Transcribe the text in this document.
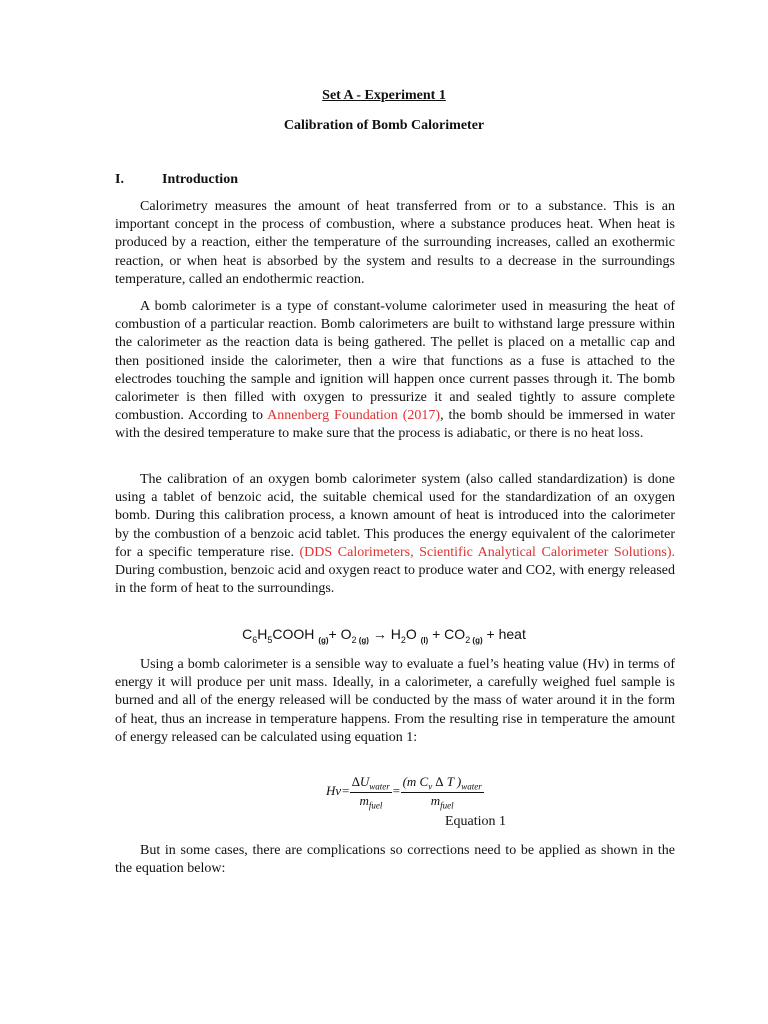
Set A - Experiment 1
Calibration of Bomb Calorimeter
I.	Introduction

Calorimetry measures the amount of heat transferred from or to a substance. This is an important concept in the process of combustion, where a substance produces heat. When heat is produced by a reaction, either the temperature of the surrounding increases, called an exothermic reaction, or when heat is absorbed by the system and results to a decrease in the surroundings temperature, called an endothermic reaction.

A bomb calorimeter is a type of constant-volume calorimeter used in measuring the heat of combustion of a particular reaction. Bomb calorimeters are built to withstand large pressure within the calorimeter as the reaction data is being gathered. The pellet is placed on a metallic cap and then positioned inside the calorimeter, then a wire that functions as a fuse is attached to the electrodes touching the sample and ignition will happen once current passes through it. The bomb calorimeter is then filled with oxygen to pressurize it and sealed tightly to assure complete combustion. According to Annenberg Foundation (2017), the bomb should be immersed in water with the desired temperature to make sure that the process is adiabatic, or there is no heat loss.

The calibration of an oxygen bomb calorimeter system (also called standardization) is done using a tablet of benzoic acid, the suitable chemical used for the standardization of an oxygen bomb. During this calibration process, a known amount of heat is introduced into the calorimeter by the combustion of a benzoic acid tablet. This produces the energy equivalent of the calorimeter for a specific temperature rise. (DDS Calorimeters, Scientific Analytical Calorimeter Solutions). During combustion, benzoic acid and oxygen react to produce water and CO2, with energy released in the form of heat to the surroundings.

$C_6H_5COOH$ $_{(g)}+ O_2$ $_{(g)} \to H_2O$ $_{(l)} + CO_2$ $_{(g)}$ + heat

Using a bomb calorimeter is a sensible way to evaluate a fuel’s heating value (Hv) in terms of energy it will produce per unit mass. Ideally, in a calorimeter, a carefully weighed fuel sample is burned and all of the energy released will be conducted by the mass of water around it in the form of heat, thus an increase in temperature happens. From the resulting rise in temperature the amount of energy released can be calculated using equation 1:

$Hv= \frac{\Delta U_{water}}{m_{fuel}} = \frac{(m C_v \Delta T )_{water}}{m_{fuel}}$
Equation 1

But in some cases, there are complications so corrections need to be applied as shown in the the equation below:
